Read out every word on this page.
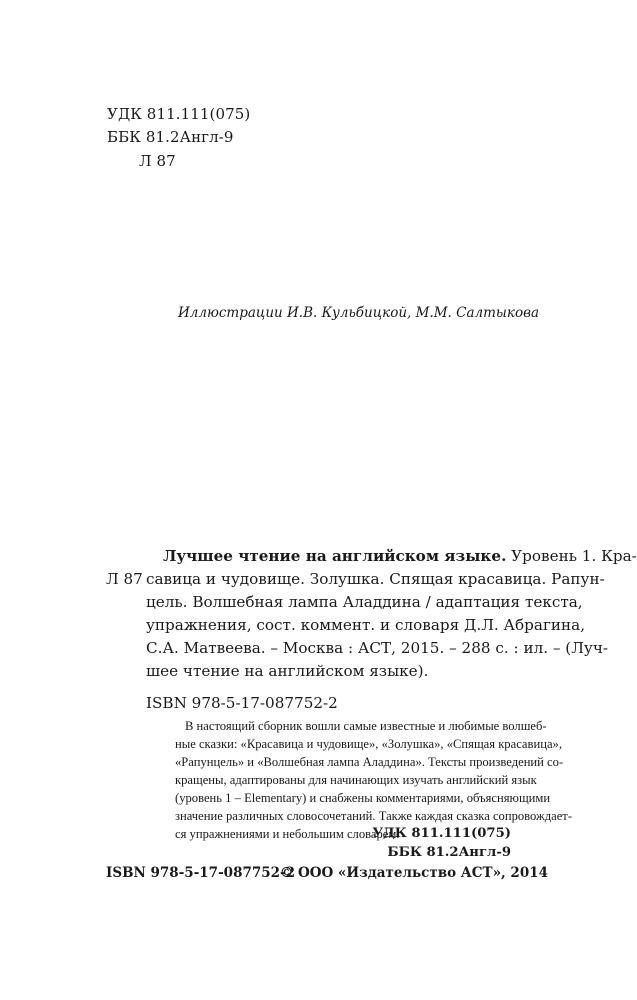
УДК 811.111(075)

ББК 81.2Англ-9

Л 87

Иллюстрации И.В. Кульбицкой, М.М. Салтыкова

Л 87

Лучшее чтение на английском языке. Уровень 1. Кра-

савица и чудовище. Золушка. Спящая красавица. Рапун-

цель. Волшебная лампа Аладдина / адаптация текста,

упражнения, сост. коммент. и словаря Д.Л. Абрагина,

С.А. Матвеева. – Москва : АСТ, 2015. – 288 с. : ил. – (Луч-

шее чтение на английском языке).

ISBN 978-5-17-087752-2

В настоящий сборник вошли самые известные и любимые волшеб-

ные сказки: «Красавица и чудовище», «Золушка», «Спящая красавица»,

«Рапунцель» и «Волшебная лампа Аладдина». Тексты произведений со-

кращены, адаптированы для начинающих изучать английский язык

(уровень 1 – Elementary) и снабжены комментариями, объясняющими

значение различных словосочетаний. Также каждая сказка сопровождает-

ся упражнениями и небольшим словарем.

УДК 811.111(075)

ББК 81.2Англ-9

ISBN 978-5-17-087752-2

© ООО «Издательство АСТ», 2014
